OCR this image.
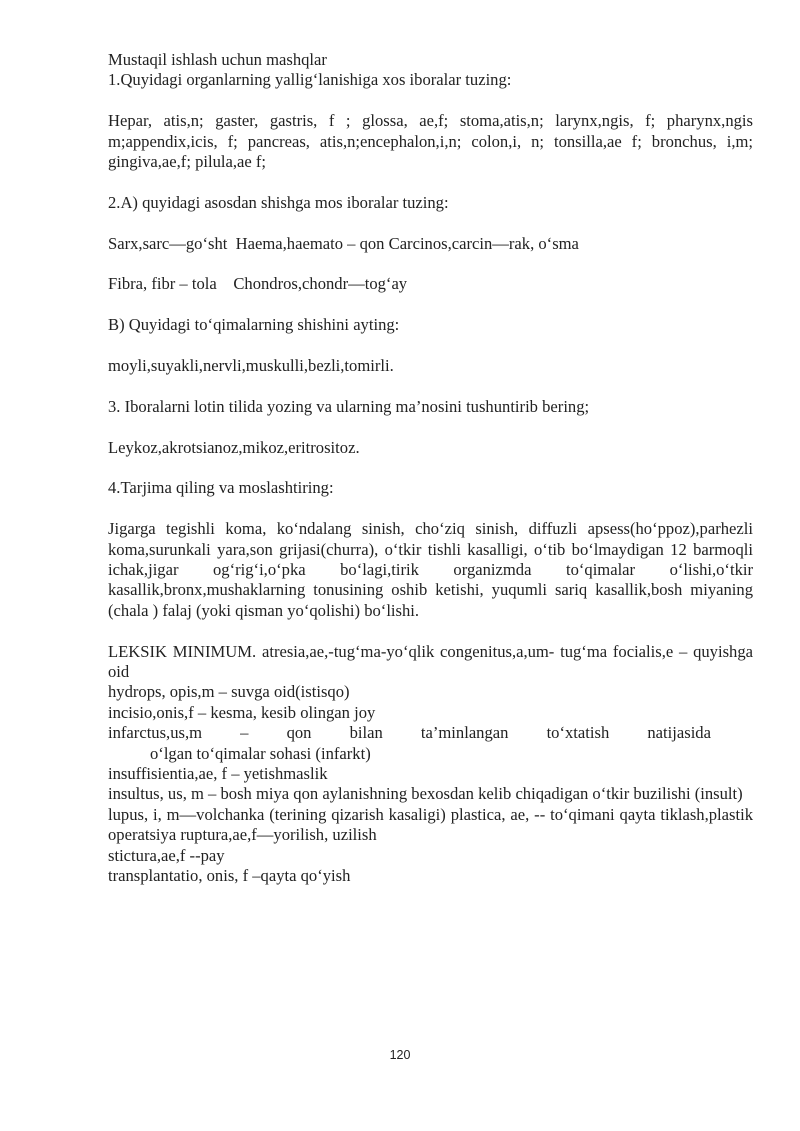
Mustaqil ishlash uchun mashqlar

1.Quyidagi organlarning yallig‘lanishiga xos iboralar tuzing:

Hepar, atis,n; gaster, gastris, f ; glossa, ae,f; stoma,atis,n; larynx,ngis, f; pharynx,ngis m;appendix,icis, f; pancreas, atis,n;encephalon,i,n; colon,i, n; tonsilla,ae f; bronchus, i,m; gingiva,ae,f; pilula,ae f;

2.A) quyidagi asosdan shishga mos iboralar tuzing:

Sarx,sarc—go‘sht  Haema,haemato – qon Carcinos,carcin—rak, o‘sma

Fibra, fibr – tola    Chondros,chondr—tog‘ay

B) Quyidagi to‘qimalarning shishini ayting:

moyli,suyakli,nervli,muskulli,bezli,tomirli.

3. Iboralarni lotin tilida yozing va ularning ma’nosini tushuntirib bering;

Leykoz,akrotsianoz,mikoz,eritrositoz.

4.Tarjima qiling va moslashtiring:

Jigarga tegishli koma, ko‘ndalang sinish, cho‘ziq sinish, diffuzli apsess(ho‘ppoz),parhezli koma,surunkali yara,son grijasi(churra), o‘tkir tishli kasalligi, o‘tib bo‘lmaydigan 12 barmoqli ichak,jigar og‘rig‘i,o‘pka bo‘lagi,tirik organizmda to‘qimalar o‘lishi,o‘tkir kasallik,bronx,mushaklarning tonusining oshib ketishi, yuqumli sariq kasallik,bosh miyaning (chala ) falaj (yoki qisman yo‘qolishi) bo‘lishi.

LEKSIK MINIMUM. atresia,ae,-tug‘ma-yo‘qlik congenitus,a,um- tug‘ma focialis,e – quyishga oid

hydrops, opis,m – suvga oid(istisqo)

incisio,onis,f – kesma, kesib olingan joy

infarctus,us,m – qon bilan ta’minlangan to‘xtatish natijasida

o‘lgan to‘qimalar sohasi (infarkt)

insuffisientia,ae, f – yetishmaslik

insultus, us, m – bosh miya qon aylanishning bexosdan kelib chiqadigan o‘tkir buzilishi (insult)

lupus, i, m—volchanka (terining qizarish kasaligi) plastica, ae, -- to‘qimani qayta tiklash,plastik operatsiya ruptura,ae,f—yorilish, uzilish

stictura,ae,f --pay

transplantatio, onis, f –qayta qo‘yish

120
